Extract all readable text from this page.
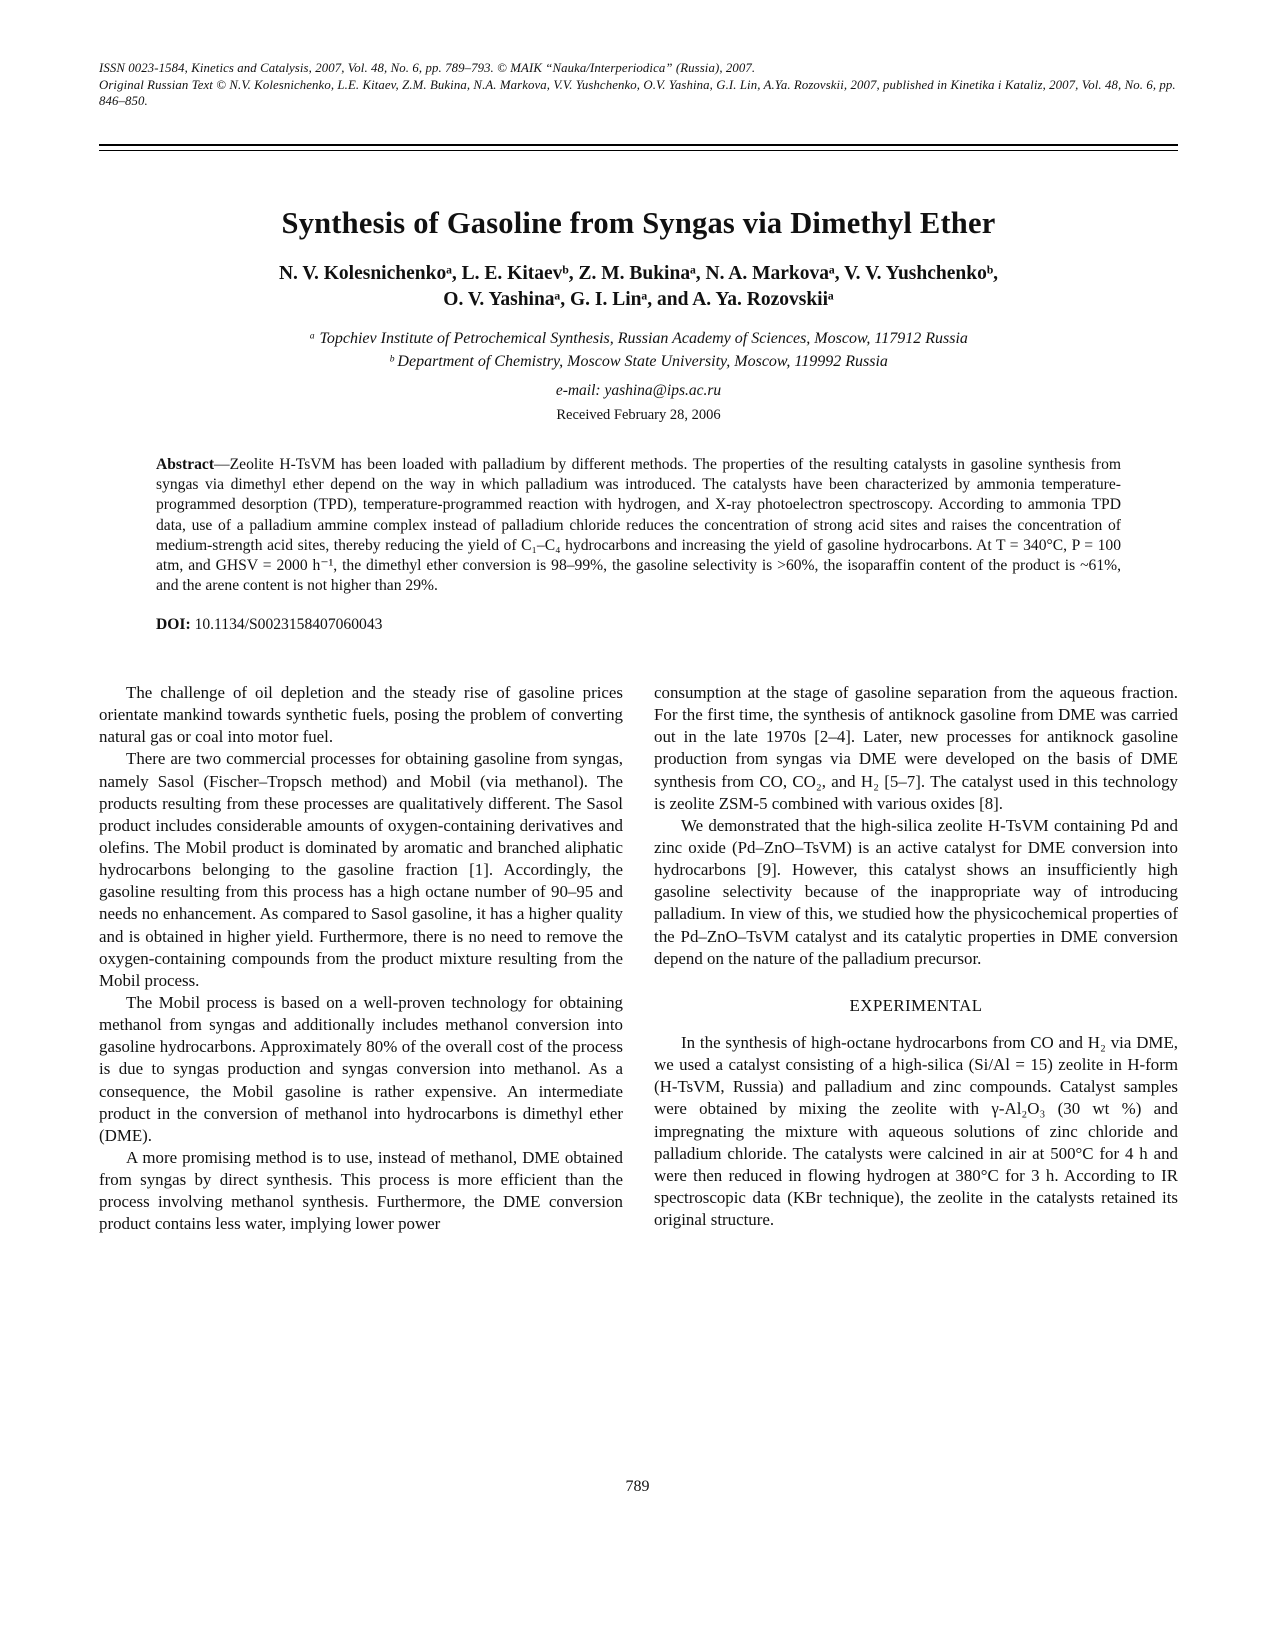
ISSN 0023-1584, Kinetics and Catalysis, 2007, Vol. 48, No. 6, pp. 789–793. © MAIK “Nauka/Interperiodica” (Russia), 2007.
Original Russian Text © N.V. Kolesnichenko, L.E. Kitaev, Z.M. Bukina, N.A. Markova, V.V. Yushchenko, O.V. Yashina, G.I. Lin, A.Ya. Rozovskii, 2007, published in Kinetika i Kataliz, 2007, Vol. 48, No. 6, pp. 846–850.
Synthesis of Gasoline from Syngas via Dimethyl Ether
N. V. Kolesnichenkoᵃ, L. E. Kitaevᵇ, Z. M. Bukinaᵃ, N. A. Markovaᵃ, V. V. Yushchenkoᵇ,
O. V. Yashinaᵃ, G. I. Linᵃ, and A. Ya. Rozovskiiᵃ
ᵃ Topchiev Institute of Petrochemical Synthesis, Russian Academy of Sciences, Moscow, 117912 Russia
ᵇ Department of Chemistry, Moscow State University, Moscow, 119992 Russia
e-mail: yashina@ips.ac.ru
Received February 28, 2006

Abstract—Zeolite H-TsVM has been loaded with palladium by different methods. The properties of the resulting catalysts in gasoline synthesis from syngas via dimethyl ether depend on the way in which palladium was introduced. The catalysts have been characterized by ammonia temperature-programmed desorption (TPD), temperature-programmed reaction with hydrogen, and X-ray photoelectron spectroscopy. According to ammonia TPD data, use of a palladium ammine complex instead of palladium chloride reduces the concentration of strong acid sites and raises the concentration of medium-strength acid sites, thereby reducing the yield of C₁–C₄ hydrocarbons and increasing the yield of gasoline hydrocarbons. At T = 340°C, P = 100 atm, and GHSV = 2000 h⁻¹, the dimethyl ether conversion is 98–99%, the gasoline selectivity is >60%, the isoparaffin content of the product is ~61%, and the arene content is not higher than 29%.

DOI: 10.1134/S0023158407060043

The challenge of oil depletion and the steady rise of gasoline prices orientate mankind towards synthetic fuels, posing the problem of converting natural gas or coal into motor fuel.

There are two commercial processes for obtaining gasoline from syngas, namely Sasol (Fischer–Tropsch method) and Mobil (via methanol). The products resulting from these processes are qualitatively different. The Sasol product includes considerable amounts of oxygen-containing derivatives and olefins. The Mobil product is dominated by aromatic and branched aliphatic hydrocarbons belonging to the gasoline fraction [1]. Accordingly, the gasoline resulting from this process has a high octane number of 90–95 and needs no enhancement. As compared to Sasol gasoline, it has a higher quality and is obtained in higher yield. Furthermore, there is no need to remove the oxygen-containing compounds from the product mixture resulting from the Mobil process.

The Mobil process is based on a well-proven technology for obtaining methanol from syngas and additionally includes methanol conversion into gasoline hydrocarbons. Approximately 80% of the overall cost of the process is due to syngas production and syngas conversion into methanol. As a consequence, the Mobil gasoline is rather expensive. An intermediate product in the conversion of methanol into hydrocarbons is dimethyl ether (DME).

A more promising method is to use, instead of methanol, DME obtained from syngas by direct synthesis. This process is more efficient than the process involving methanol synthesis. Furthermore, the DME conversion product contains less water, implying lower power

consumption at the stage of gasoline separation from the aqueous fraction. For the first time, the synthesis of antiknock gasoline from DME was carried out in the late 1970s [2–4]. Later, new processes for antiknock gasoline production from syngas via DME were developed on the basis of DME synthesis from CO, CO₂, and H₂ [5–7]. The catalyst used in this technology is zeolite ZSM-5 combined with various oxides [8].

We demonstrated that the high-silica zeolite H-TsVM containing Pd and zinc oxide (Pd–ZnO–TsVM) is an active catalyst for DME conversion into hydrocarbons [9]. However, this catalyst shows an insufficiently high gasoline selectivity because of the inappropriate way of introducing palladium. In view of this, we studied how the physicochemical properties of the Pd–ZnO–TsVM catalyst and its catalytic properties in DME conversion depend on the nature of the palladium precursor.

EXPERIMENTAL

In the synthesis of high-octane hydrocarbons from CO and H₂ via DME, we used a catalyst consisting of a high-silica (Si/Al = 15) zeolite in H-form (H-TsVM, Russia) and palladium and zinc compounds. Catalyst samples were obtained by mixing the zeolite with γ-Al₂O₃ (30 wt %) and impregnating the mixture with aqueous solutions of zinc chloride and palladium chloride. The catalysts were calcined in air at 500°C for 4 h and were then reduced in flowing hydrogen at 380°C for 3 h. According to IR spectroscopic data (KBr technique), the zeolite in the catalysts retained its original structure.

789
